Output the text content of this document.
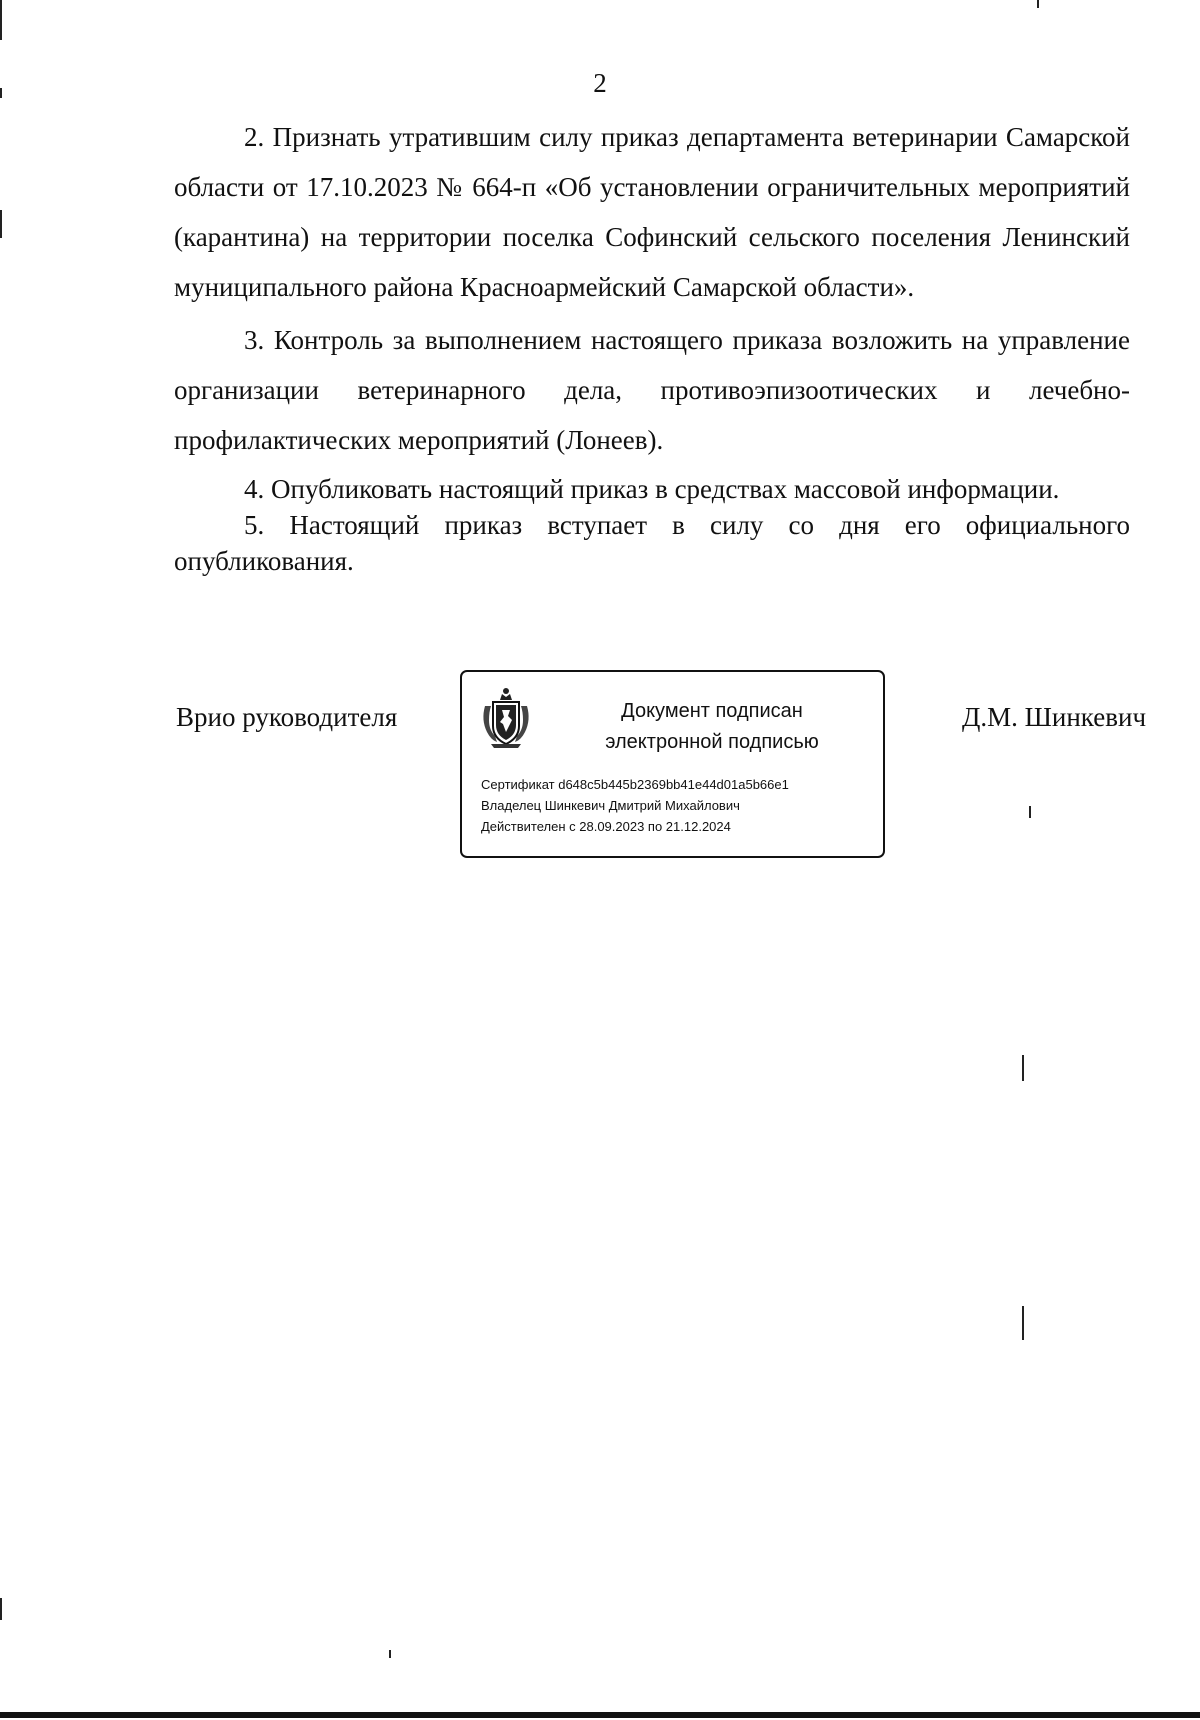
2

2. Признать утратившим силу приказ департамента ветеринарии Самарской области от 17.10.2023 № 664-п «Об установлении ограничительных мероприятий (карантина) на территории поселка Софинский сельского поселения Ленинский муниципального района Красноармейский Самарской области».

3. Контроль за выполнением настоящего приказа возложить на управление организации ветеринарного дела, противоэпизоотических и лечебно-профилактических мероприятий (Лонеев).

4. Опубликовать настоящий приказ в средствах массовой информации.

5. Настоящий приказ вступает в силу со дня его официального опубликования.

Врио руководителя	Документ подписан
электронной подписью
Сертификат d648c5b445b2369bb41e44d01a5b66e1
Владелец Шинкевич Дмитрий Михайлович
Действителен с 28.09.2023 по 21.12.2024
Д.М. Шинкевич
